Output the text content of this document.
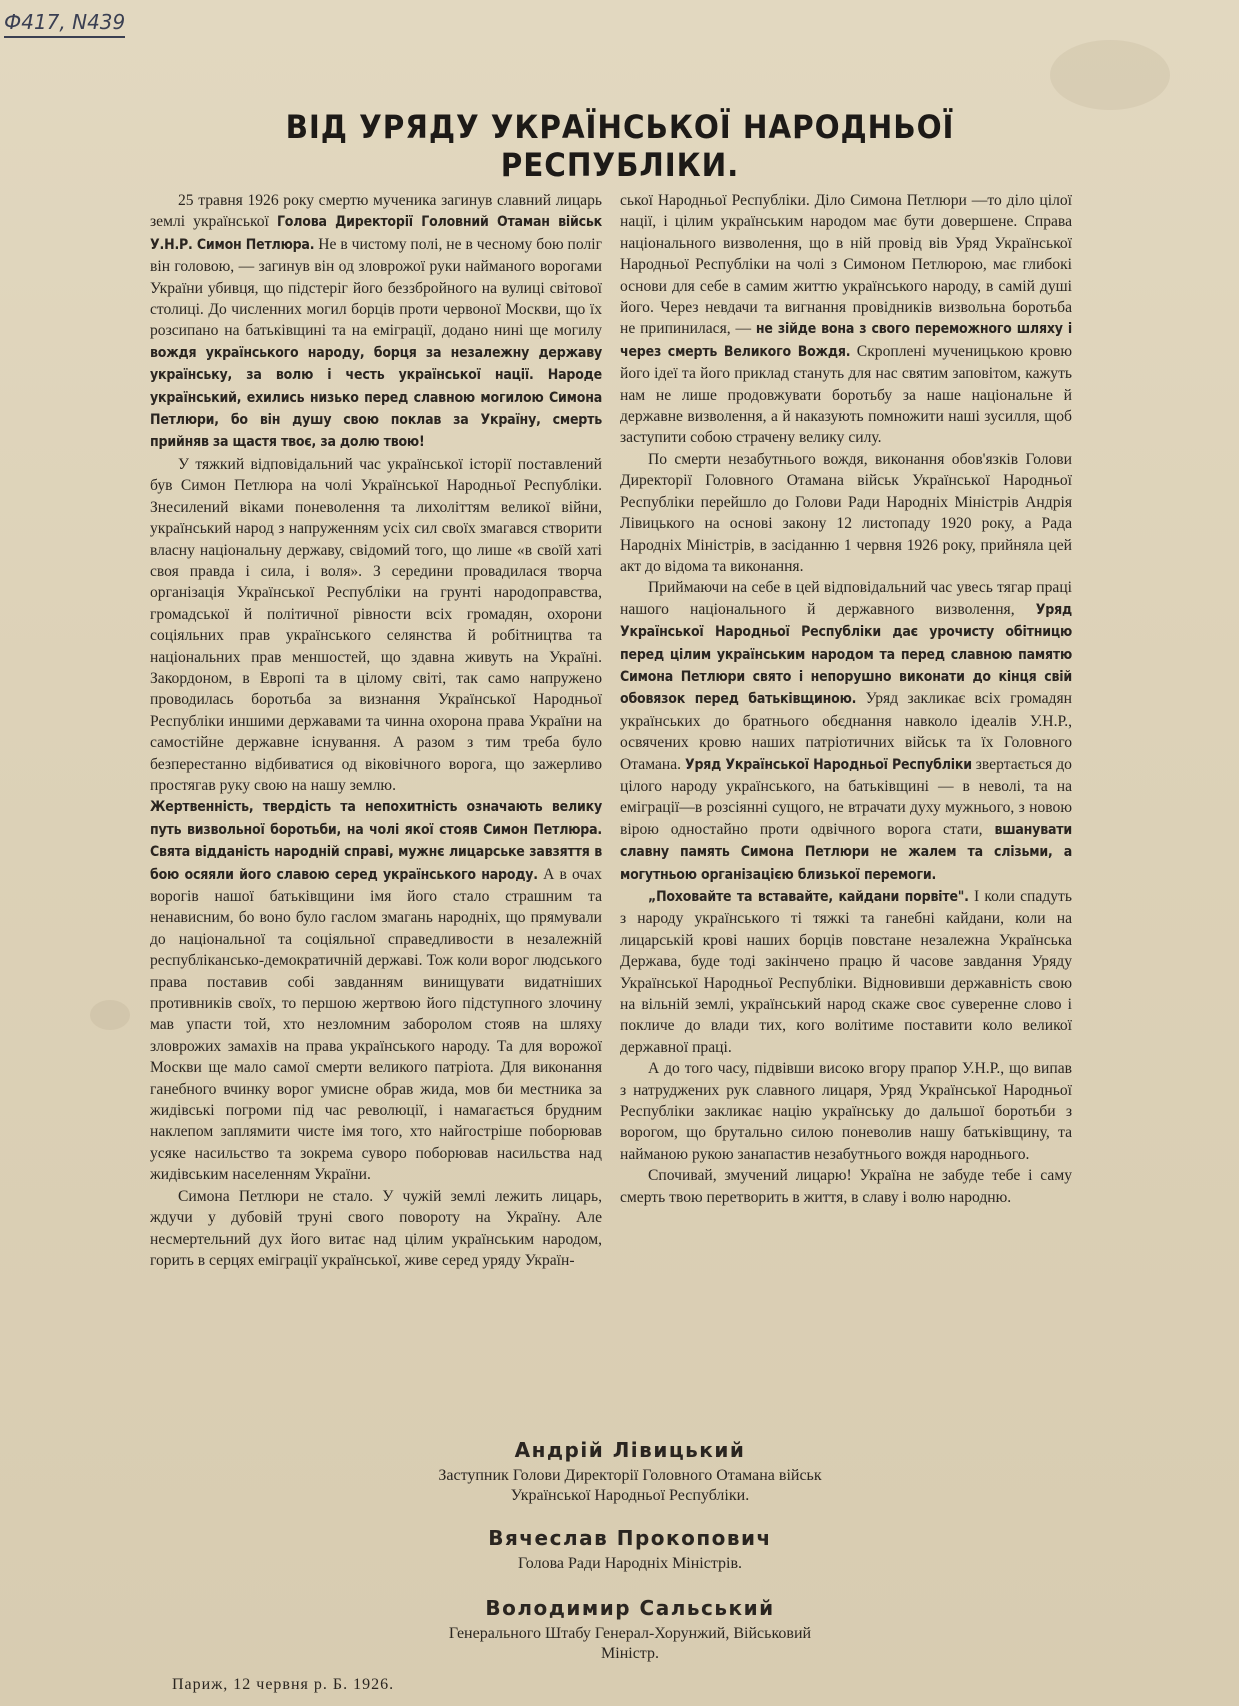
Ф417, N439
ВІД УРЯДУ УКРАЇНСЬКОЇ НАРОДНЬОЇ РЕСПУБЛІКИ.

25 травня 1926 року смертю мученика загинув славний лицарь землі української Голова Директорії Головний Отаман військ У.Н.Р. Симон Петлюра. Не в чистому полі, не в чесному бою поліг він головою, — загинув він од зловрожої руки найманого ворогами України убивця, що підстеріг його беззбройного на вулиці світової столиці. До численних могил борців проти червоної Москви, що їх розсипано на батьківщині та на еміграції, додано нині ще могилу вождя українського народу, борця за незалежну державу українську, за волю і честь української нації. Народе український, ехились низько перед славною могилою Симона Петлюри, бо він душу свою поклав за Україну, смерть прийняв за щастя твоє, за долю твою!

У тяжкий відповідальний час української історії поставлений був Симон Петлюра на чолі Української Народньої Республіки. Знесилений віками поневолення та лихоліттям великої війни, український народ з напруженням усіх сил своїх змагався створити власну національну державу, свідомий того, що лише «в своїй хаті своя правда і сила, і воля». З середини провадилася творча організація Української Республіки на грунті народоправства, громадської й політичної рівности всіх громадян, охорони соціяльних прав українського селянства й робітництва та національних прав меншостей, що здавна живуть на Україні. Закордоном, в Европі та в цілому світі, так само напружено проводилась боротьба за визнання Української Народньої Республіки иншими державами та чинна охорона права України на самостійне державне існування. А разом з тим треба було безперестанно відбиватися од віковічного ворога, що зажерливо простягав руку свою на нашу землю.

Жертвенність, твердість та непохитність означають велику путь визвольної боротьби, на чолі якої стояв Симон Петлюра. Свята відданість народній справі, мужнє лицарське завзяття в бою осяяли його славою серед українського народу. А в очах ворогів нашої батьківщини імя його стало страшним та ненависним, бо воно було гаслом змагань народніх, що прямували до національної та соціяльної справедливости в незалежній республікансько-демократичній державі. Тож коли ворог людського права поставив собі завданням винищувати видатніших противників своїх, то першою жертвою його підступного злочину мав упасти той, хто незломним заборолом стояв на шляху зловрожих замахів на права українського народу. Та для ворожої Москви ще мало самої смерти великого патріота. Для виконання ганебного вчинку ворог умисне обрав жида, мов би местника за жидівські погроми під час революції, і намагається брудним наклепом заплямити чисте імя того, хто найгостріше поборював усяке насильство та зокрема суворо поборював насильства над жидівським населенням України.

Симона Петлюри не стало. У чужій землі лежить лицарь, ждучи у дубовій труні свого повороту на Україну. Але несмертельний дух його витає над цілим українським народом, горить в серцях еміграції української, живе серед уряду Україн-

ської Народньої Республіки. Діло Симона Петлюри —то діло цілої нації, і цілим українським народом має бути довершене. Справа національного визволення, що в ній провід вів Уряд Української Народньої Республіки на чолі з Симоном Петлюрою, має глибокі основи для себе в самим життю українського народу, в самій душі його. Через невдачи та вигнання провідників визвольна боротьба не припинилася, — не зійде вона з свого переможного шляху і через смерть Великого Вождя. Скроплені мученицькою кровю його ідеї та його приклад стануть для нас святим заповітом, кажуть нам не лише продовжувати боротьбу за наше національне й державне визволення, а й наказують помножити наші зусилля, щоб заступити собою страчену велику силу.

По смерти незабутнього вождя, виконання обов'язків Голови Директорії Головного Отамана військ Української Народньої Республіки перейшло до Голови Ради Народніх Міністрів Андрія Лівицького на основі закону 12 листопаду 1920 року, а Рада Народніх Міністрів, в засіданню 1 червня 1926 року, прийняла цей акт до відома та виконання.

Приймаючи на себе в цей відповідальний час увесь тягар праці нашого національного й державного визволення, Уряд Української Народньої Республіки дає урочисту обітницю перед цілим українським народом та перед славною памятю Симона Петлюри свято і непорушно виконати до кінця свій обовязок перед батьківщиною. Уряд закликає всіх громадян українських до братнього обєднання навколо ідеалів У.Н.Р., освячених кровю наших патріотичних військ та їх Головного Отамана. Уряд Української Народньої Республіки звертається до цілого народу українського, на батьківщині — в неволі, та на еміграції—в розсіянні сущого, не втрачати духу мужнього, з новою вірою одностайно проти одвічного ворога стати, вшанувати славну память Симона Петлюри не жалем та слізьми, а могутньою організацією близької перемоги.

„Поховайте та вставайте, кайдани порвіте". І коли спадуть з народу українського ті тяжкі та ганебні кайдани, коли на лицарській крові наших борців повстане незалежна Українська Держава, буде тоді закінчено працю й часове завдання Уряду Української Народньої Республіки. Відновивши державність свою на вільній землі, український народ скаже своє суверенне слово і покличе до влади тих, кого волітиме поставити коло великої державної праці.

А до того часу, підвівши високо вгору прапор У.Н.Р., що випав з натруджених рук славного лицаря, Уряд Української Народньої Республіки закликає націю українську до дальшої боротьби з ворогом, що брутально силою поневолив нашу батьківщину, та найманою рукою занапастив незабутнього вождя народнього.

Спочивай, змучений лицарю! Україна не забуде тебе і саму смерть твою перетворить в життя, в славу і волю народню.

Андрій Лівицький
Заступник Голови Директорії Головного Отамана військ Української Народньої Республіки.
Вячеслав Прокопович
Голова Ради Народніх Міністрів.
Володимир Сальський
Генерального Штабу Генерал-Хорунжий, Військовий Міністр.
Париж, 12 червня р. Б. 1926.
